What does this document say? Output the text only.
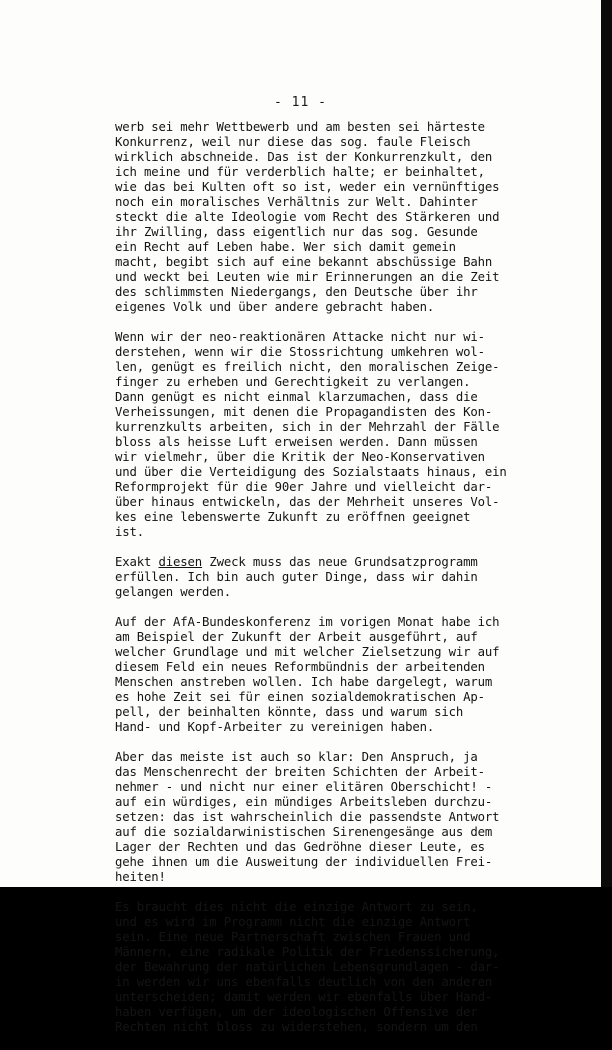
- 11 -
werb sei mehr Wettbewerb und am besten sei härteste
Konkurrenz, weil nur diese das sog. faule Fleisch
wirklich abschneide. Das ist der Konkurrenzkult, den
ich meine und für verderblich halte; er beinhaltet,
wie das bei Kulten oft so ist, weder ein vernünftiges
noch ein moralisches Verhältnis zur Welt. Dahinter
steckt die alte Ideologie vom Recht des Stärkeren und
ihr Zwilling, dass eigentlich nur das sog. Gesunde
ein Recht auf Leben habe. Wer sich damit gemein
macht, begibt sich auf eine bekannt abschüssige Bahn
und weckt bei Leuten wie mir Erinnerungen an die Zeit
des schlimmsten Niedergangs, den Deutsche über ihr
eigenes Volk und über andere gebracht haben.
Wenn wir der neo-reaktionären Attacke nicht nur wi-
derstehen, wenn wir die Stossrichtung umkehren wol-
len, genügt es freilich nicht, den moralischen Zeige-
finger zu erheben und Gerechtigkeit zu verlangen.
Dann genügt es nicht einmal klarzumachen, dass die
Verheissungen, mit denen die Propagandisten des Kon-
kurrenzkults arbeiten, sich in der Mehrzahl der Fälle
bloss als heisse Luft erweisen werden. Dann müssen
wir vielmehr, über die Kritik der Neo-Konservativen
und über die Verteidigung des Sozialstaats hinaus, ein
Reformprojekt für die 90er Jahre und vielleicht dar-
über hinaus entwickeln, das der Mehrheit unseres Vol-
kes eine lebenswerte Zukunft zu eröffnen geeignet
ist.
Exakt diesen Zweck muss das neue Grundsatzprogramm
erfüllen. Ich bin auch guter Dinge, dass wir dahin
gelangen werden.
Auf der AfA-Bundeskonferenz im vorigen Monat habe ich
am Beispiel der Zukunft der Arbeit ausgeführt, auf
welcher Grundlage und mit welcher Zielsetzung wir auf
diesem Feld ein neues Reformbündnis der arbeitenden
Menschen anstreben wollen. Ich habe dargelegt, warum
es hohe Zeit sei für einen sozialdemokratischen Ap-
pell, der beinhalten könnte, dass und warum sich
Hand- und Kopf-Arbeiter zu vereinigen haben.
Aber das meiste ist auch so klar: Den Anspruch, ja
das Menschenrecht der breiten Schichten der Arbeit-
nehmer - und nicht nur einer elitären Oberschicht! -
auf ein würdiges, ein mündiges Arbeitsleben durchzu-
setzen: das ist wahrscheinlich die passendste Antwort
auf die sozialdarwinistischen Sirenengesänge aus dem
Lager der Rechten und das Gedröhne dieser Leute, es
gehe ihnen um die Ausweitung der individuellen Frei-
heiten!
Es braucht dies nicht die einzige Antwort zu sein,
und es wird im Programm nicht die einzige Antwort
sein. Eine neue Partnerschaft zwischen Frauen und
Männern, eine radikale Politik der Friedenssicherung,
der Bewahrung der natürlichen Lebensgrundlagen - dar-
in werden wir uns ebenfalls deutlich von den anderen
unterscheiden; damit werden wir ebenfalls über Hand-
haben verfügen, um der ideologischen Offensive der
Rechten nicht bloss zu widerstehen, sondern um den
